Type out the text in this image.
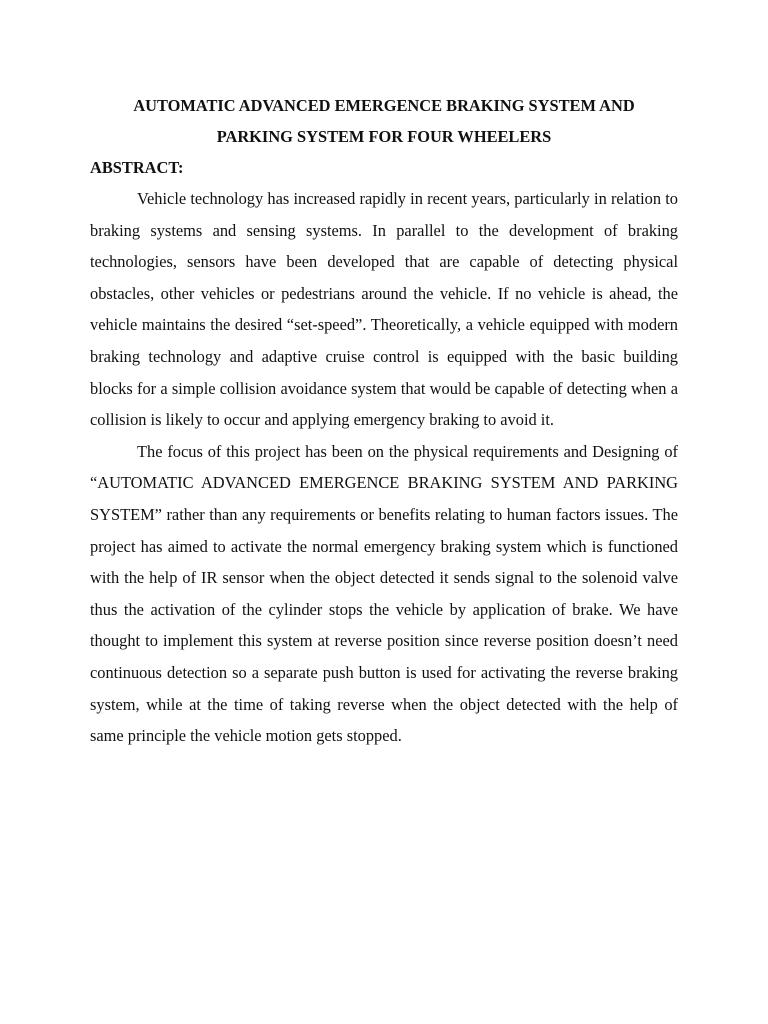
AUTOMATIC ADVANCED EMERGENCE BRAKING SYSTEM AND
PARKING SYSTEM FOR FOUR WHEELERS
ABSTRACT:

Vehicle technology has increased rapidly in recent years, particularly in relation to braking systems and sensing systems. In parallel to the development of braking technologies, sensors have been developed that are capable of detecting physical obstacles, other vehicles or pedestrians around the vehicle. If no vehicle is ahead, the vehicle maintains the desired “set-speed”. Theoretically, a vehicle equipped with modern braking technology and adaptive cruise control is equipped with the basic building blocks for a simple collision avoidance system that would be capable of detecting when a collision is likely to occur and applying emergency braking to avoid it.

The focus of this project has been on the physical requirements and Designing of “AUTOMATIC ADVANCED EMERGENCE BRAKING SYSTEM AND PARKING SYSTEM” rather than any requirements or benefits relating to human factors issues. The project has aimed to activate the normal emergency braking system which is functioned with the help of IR sensor when the object detected it sends signal to the solenoid valve thus the activation of the cylinder stops the vehicle by application of brake. We have thought to implement this system at reverse position since reverse position doesn’t need continuous detection so a separate push button is used for activating the reverse braking system, while at the time of taking reverse when the object detected with the help of same principle the vehicle motion gets stopped.
